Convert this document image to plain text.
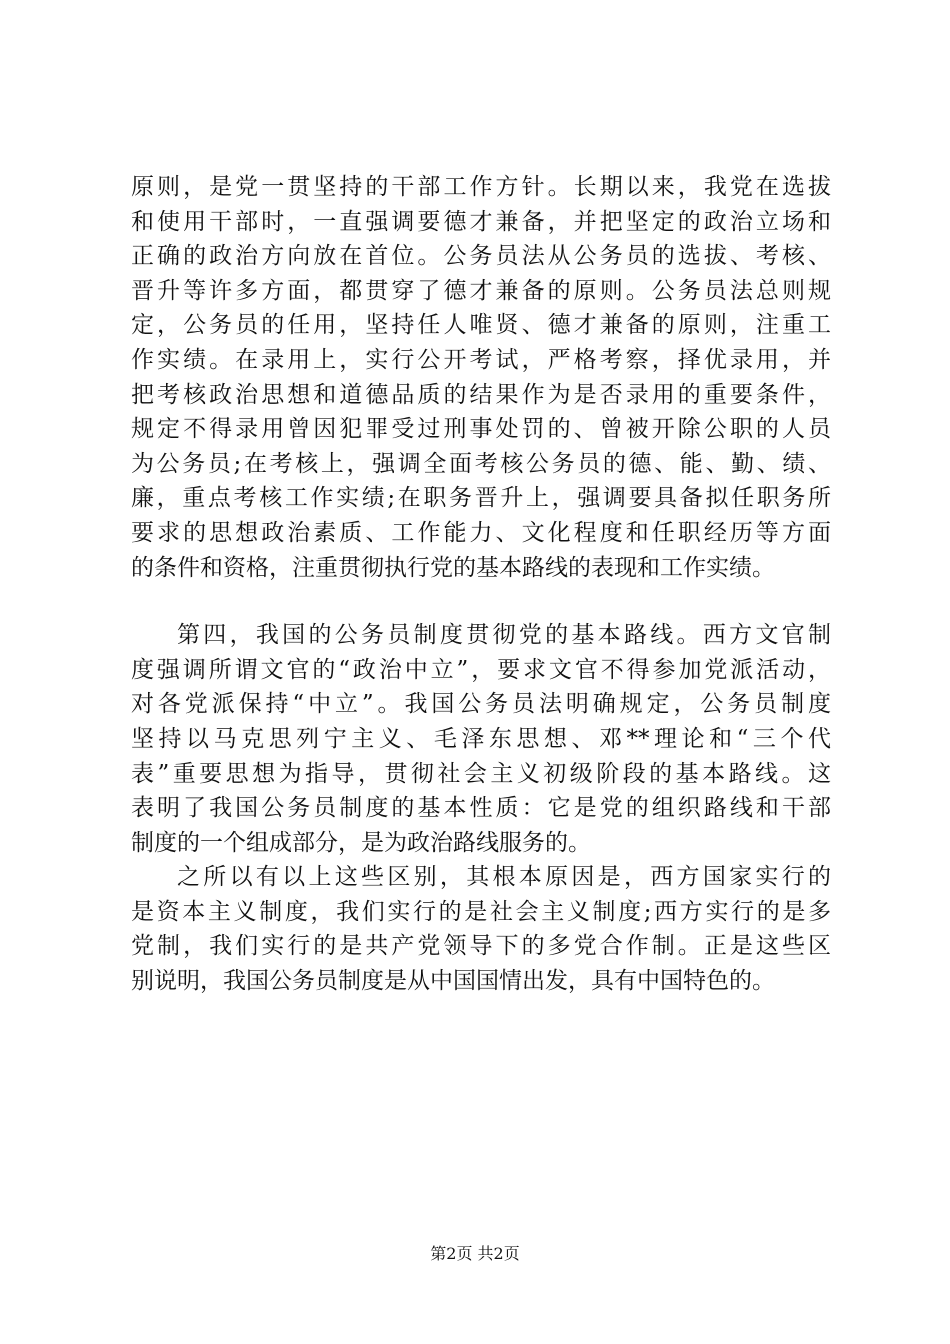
原则，是党一贯坚持的干部工作方针。长期以来，我党在选拔
和使用干部时，一直强调要德才兼备，并把坚定的政治立场和
正确的政治方向放在首位。公务员法从公务员的选拔、考核、
晋升等许多方面，都贯穿了德才兼备的原则。公务员法总则规
定，公务员的任用，坚持任人唯贤、德才兼备的原则，注重工
作实绩。在录用上，实行公开考试，严格考察，择优录用，并
把考核政治思想和道德品质的结果作为是否录用的重要条件，
规定不得录用曾因犯罪受过刑事处罚的、曾被开除公职的人员
为公务员;在考核上，强调全面考核公务员的德、能、勤、绩、
廉，重点考核工作实绩;在职务晋升上，强调要具备拟任职务所
要求的思想政治素质、工作能力、文化程度和任职经历等方面
的条件和资格，注重贯彻执行党的基本路线的表现和工作实绩。
第四，我国的公务员制度贯彻党的基本路线。西方文官制
度强调所谓文官的“政治中立”，要求文官不得参加党派活动，
对各党派保持“中立”。我国公务员法明确规定，公务员制度
坚持以马克思列宁主义、毛泽东思想、邓**理论和“三个代
表”重要思想为指导，贯彻社会主义初级阶段的基本路线。这
表明了我国公务员制度的基本性质：它是党的组织路线和干部
制度的一个组成部分，是为政治路线服务的。
之所以有以上这些区别，其根本原因是，西方国家实行的
是资本主义制度，我们实行的是社会主义制度;西方实行的是多
党制，我们实行的是共产党领导下的多党合作制。正是这些区
别说明，我国公务员制度是从中国国情出发，具有中国特色的。
第2页 共2页
